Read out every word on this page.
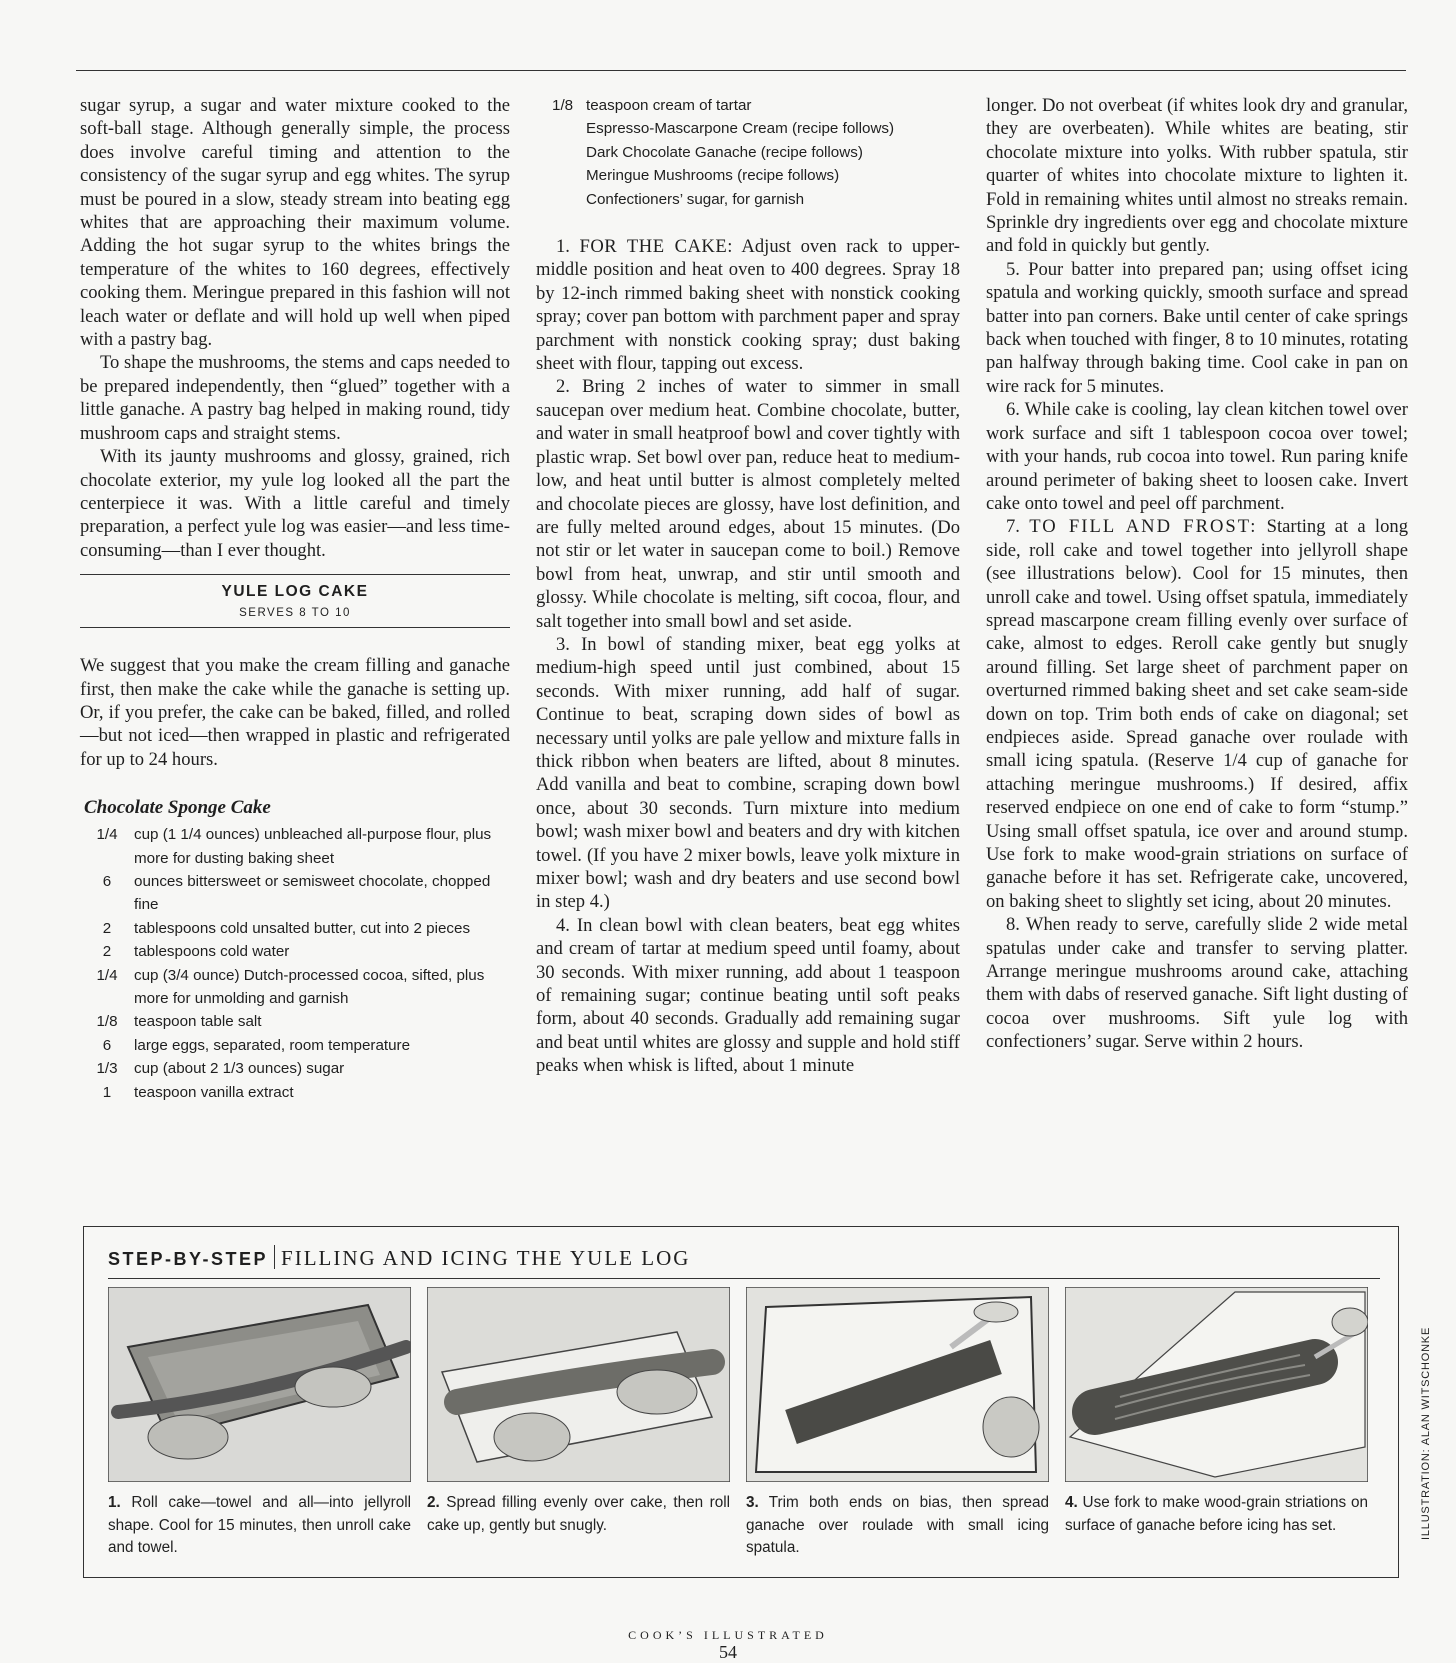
sugar syrup, a sugar and water mixture cooked to the soft-ball stage. Although generally simple, the process does involve careful timing and attention to the consistency of the sugar syrup and egg whites. The syrup must be poured in a slow, steady stream into beating egg whites that are approaching their maximum volume. Adding the hot sugar syrup to the whites brings the temperature of the whites to 160 degrees, effectively cooking them. Meringue prepared in this fashion will not leach water or deflate and will hold up well when piped with a pastry bag.

To shape the mushrooms, the stems and caps needed to be prepared independently, then “glued” together with a little ganache. A pastry bag helped in making round, tidy mushroom caps and straight stems.

With its jaunty mushrooms and glossy, grained, rich chocolate exterior, my yule log looked all the part the centerpiece it was. With a little careful and timely preparation, a perfect yule log was easier—and less time-consuming—than I ever thought.

YULE LOG CAKE

SERVES 8 TO 10

We suggest that you make the cream filling and ganache first, then make the cake while the ganache is setting up. Or, if you prefer, the cake can be baked, filled, and rolled—but not iced—then wrapped in plastic and refrigerated for up to 24 hours.

Chocolate Sponge Cake

1/4	cup (1 1/4 ounces) unbleached all-purpose flour, plus more for dusting baking sheet
6	ounces bittersweet or semisweet chocolate, chopped fine
2	tablespoons cold unsalted butter, cut into 2 pieces
2	tablespoons cold water
1/4	cup (3/4 ounce) Dutch-processed cocoa, sifted, plus more for unmolding and garnish
1/8	teaspoon table salt
6	large eggs, separated, room temperature
1/3	cup (about 2 1/3 ounces) sugar
1	teaspoon vanilla extract
1/8 teaspoon cream of tartar
Espresso-Mascarpone Cream (recipe follows)
Dark Chocolate Ganache (recipe follows)
Meringue Mushrooms (recipe follows)
Confectioners’ sugar, for garnish

1. FOR THE CAKE: Adjust oven rack to upper-middle position and heat oven to 400 degrees. Spray 18 by 12-inch rimmed baking sheet with nonstick cooking spray; cover pan bottom with parchment paper and spray parchment with nonstick cooking spray; dust baking sheet with flour, tapping out excess.

2. Bring 2 inches of water to simmer in small saucepan over medium heat. Combine chocolate, butter, and water in small heatproof bowl and cover tightly with plastic wrap. Set bowl over pan, reduce heat to medium-low, and heat until butter is almost completely melted and chocolate pieces are glossy, have lost definition, and are fully melted around edges, about 15 minutes. (Do not stir or let water in saucepan come to boil.) Remove bowl from heat, unwrap, and stir until smooth and glossy. While chocolate is melting, sift cocoa, flour, and salt together into small bowl and set aside.

3. In bowl of standing mixer, beat egg yolks at medium-high speed until just combined, about 15 seconds. With mixer running, add half of sugar. Continue to beat, scraping down sides of bowl as necessary until yolks are pale yellow and mixture falls in thick ribbon when beaters are lifted, about 8 minutes. Add vanilla and beat to combine, scraping down bowl once, about 30 seconds. Turn mixture into medium bowl; wash mixer bowl and beaters and dry with kitchen towel. (If you have 2 mixer bowls, leave yolk mixture in mixer bowl; wash and dry beaters and use second bowl in step 4.)

4. In clean bowl with clean beaters, beat egg whites and cream of tartar at medium speed until foamy, about 30 seconds. With mixer running, add about 1 teaspoon of remaining sugar; continue beating until soft peaks form, about 40 seconds. Gradually add remaining sugar and beat until whites are glossy and supple and hold stiff peaks when whisk is lifted, about 1 minute

longer. Do not overbeat (if whites look dry and granular, they are overbeaten). While whites are beating, stir chocolate mixture into yolks. With rubber spatula, stir quarter of whites into chocolate mixture to lighten it. Fold in remaining whites until almost no streaks remain. Sprinkle dry ingredients over egg and chocolate mixture and fold in quickly but gently.

5. Pour batter into prepared pan; using offset icing spatula and working quickly, smooth surface and spread batter into pan corners. Bake until center of cake springs back when touched with finger, 8 to 10 minutes, rotating pan halfway through baking time. Cool cake in pan on wire rack for 5 minutes.

6. While cake is cooling, lay clean kitchen towel over work surface and sift 1 tablespoon cocoa over towel; with your hands, rub cocoa into towel. Run paring knife around perimeter of baking sheet to loosen cake. Invert cake onto towel and peel off parchment.

7. TO FILL AND FROST: Starting at a long side, roll cake and towel together into jellyroll shape (see illustrations below). Cool for 15 minutes, then unroll cake and towel. Using offset spatula, immediately spread mascarpone cream filling evenly over surface of cake, almost to edges. Reroll cake gently but snugly around filling. Set large sheet of parchment paper on overturned rimmed baking sheet and set cake seam-side down on top. Trim both ends of cake on diagonal; set endpieces aside. Spread ganache over roulade with small icing spatula. (Reserve 1/4 cup of ganache for attaching meringue mushrooms.) If desired, affix reserved endpiece on one end of cake to form “stump.” Using small offset spatula, ice over and around stump. Use fork to make wood-grain striations on surface of ganache before it has set. Refrigerate cake, uncovered, on baking sheet to slightly set icing, about 20 minutes.

8. When ready to serve, carefully slide 2 wide metal spatulas under cake and transfer to serving platter. Arrange meringue mushrooms around cake, attaching them with dabs of reserved ganache. Sift light dusting of cocoa over mushrooms. Sift yule log with confectioners’ sugar. Serve within 2 hours.

STEP-BY-STEP FILLING AND ICING THE YULE LOG
1. Roll cake—towel and all—into jellyroll shape. Cool for 15 minutes, then unroll cake and towel.
2. Spread filling evenly over cake, then roll cake up, gently but snugly.
3. Trim both ends on bias, then spread ganache over roulade with small icing spatula.
4. Use fork to make wood-grain striations on surface of ganache before icing has set.	ILLUSTRATION: ALAN WITSCHONKE
COOK’S ILLUSTRATED
54
